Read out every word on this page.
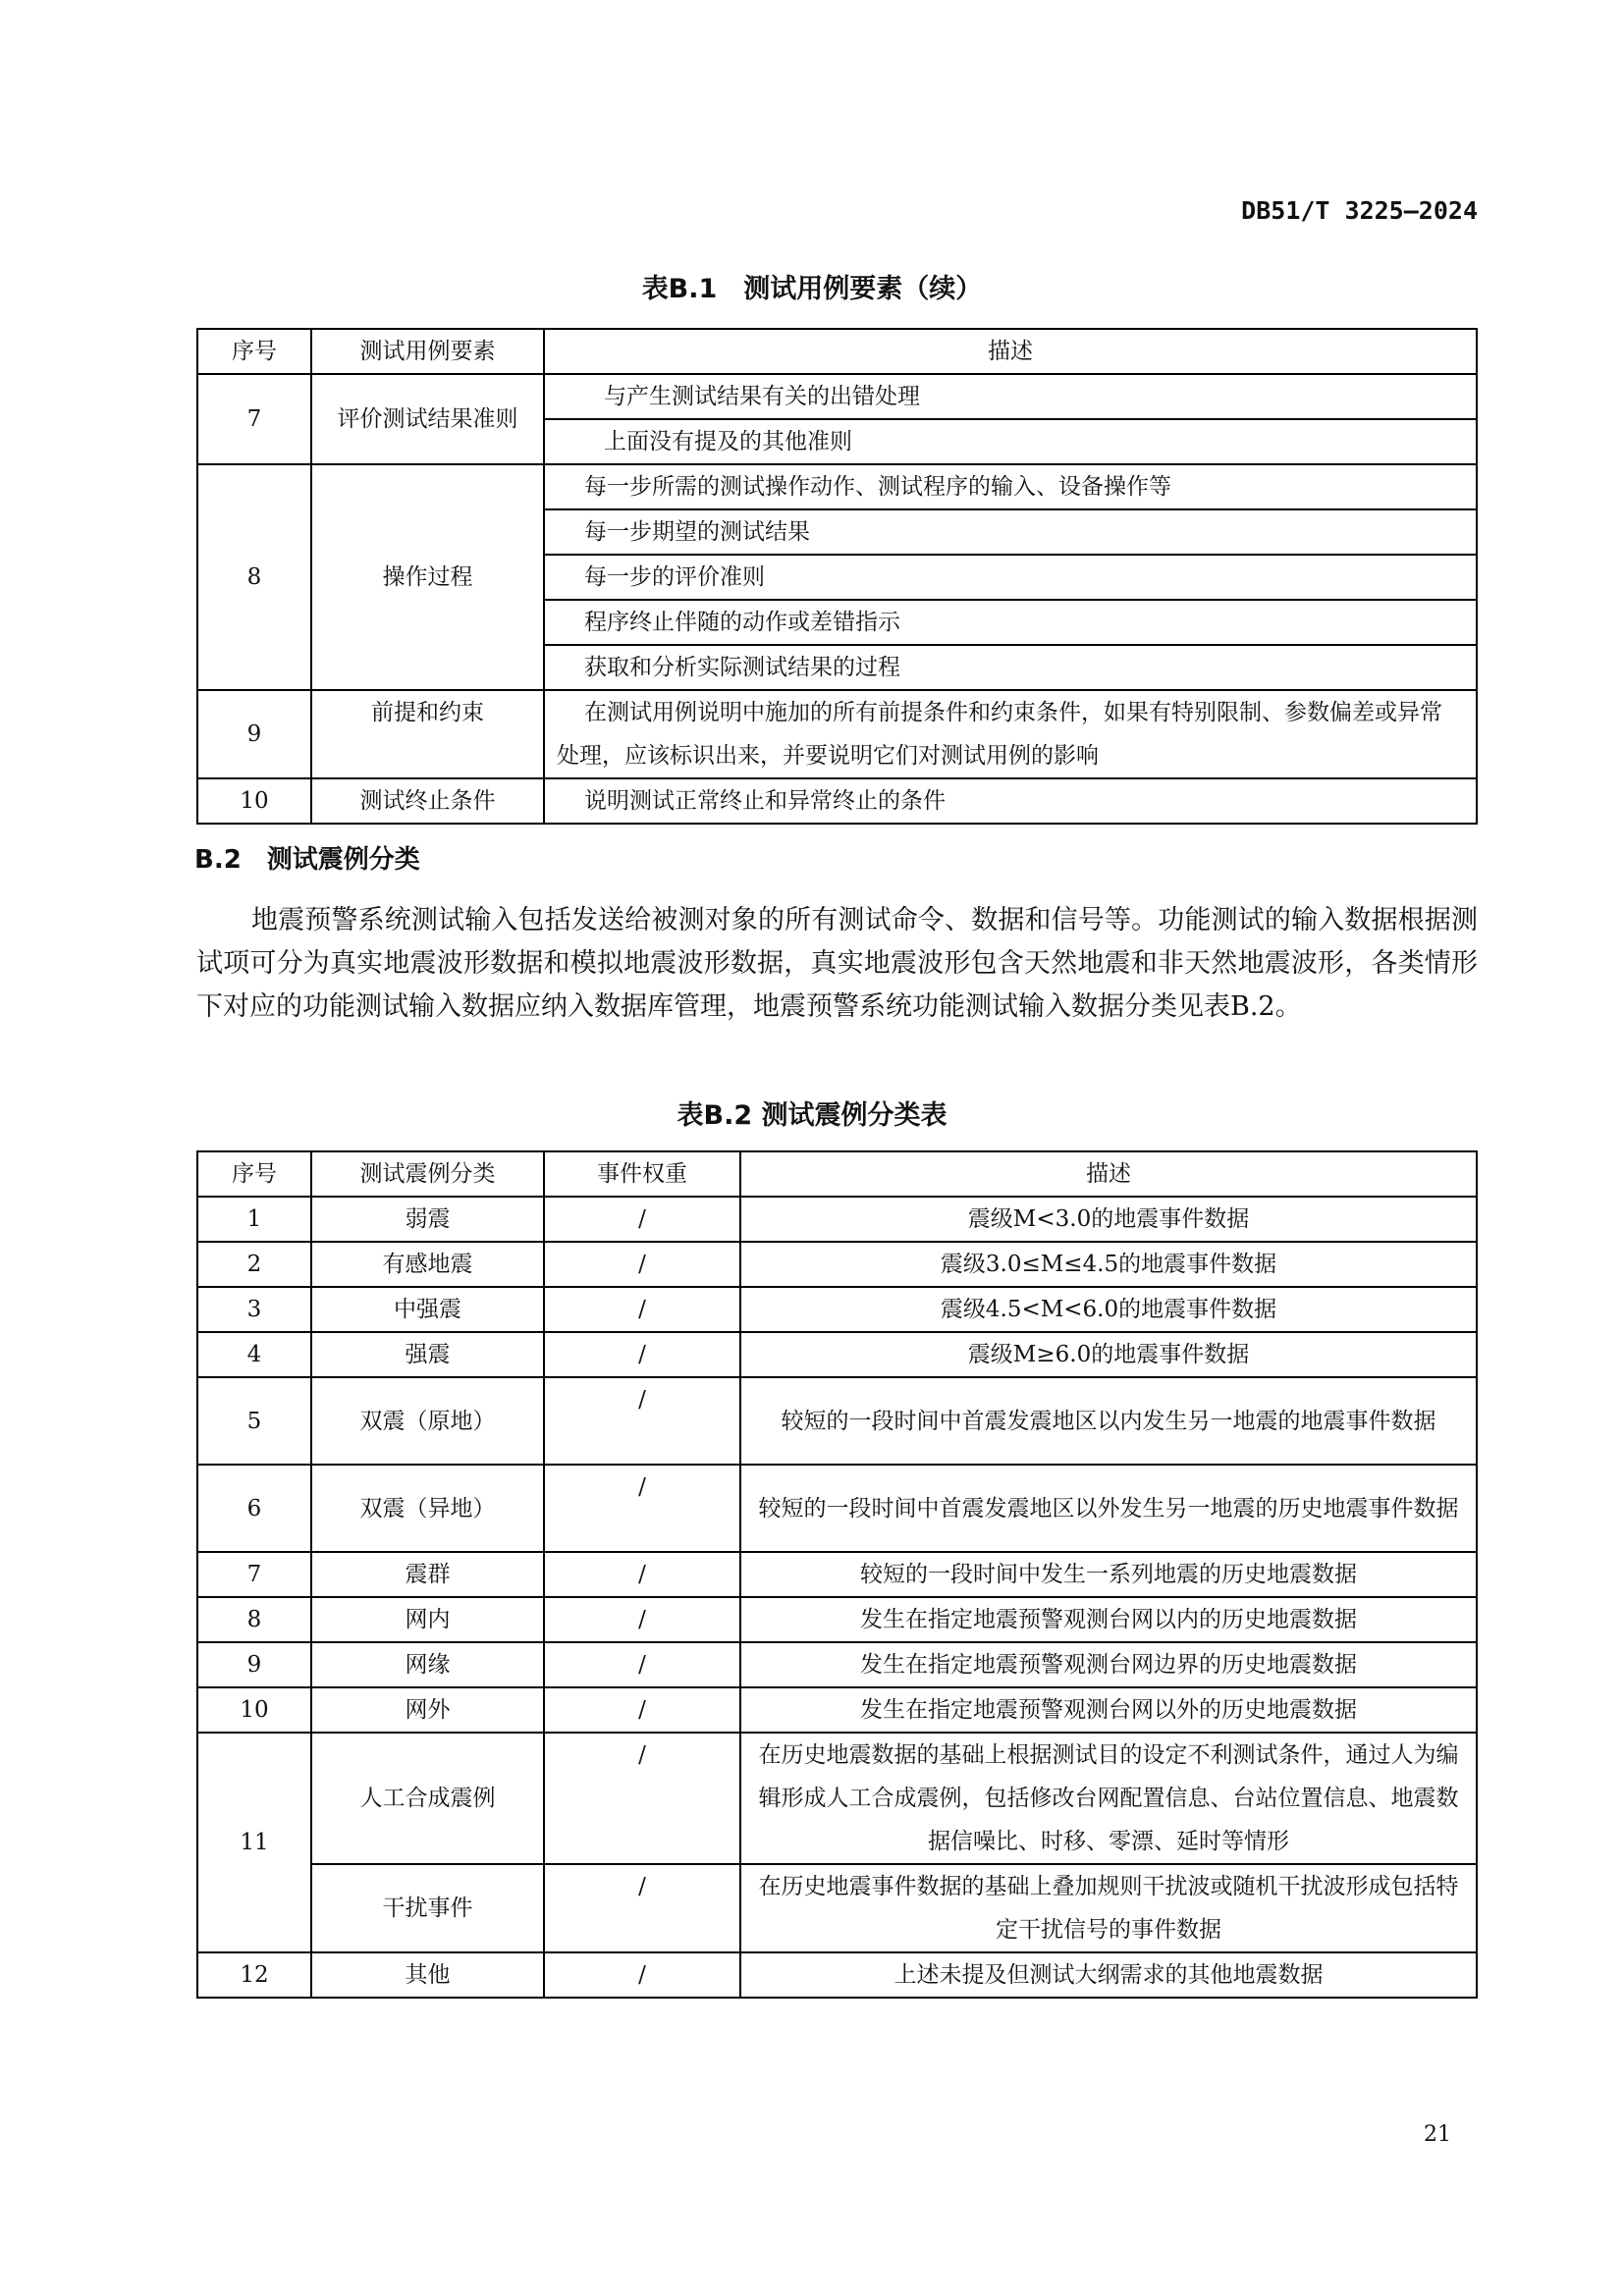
DB51/T 3225—2024
表B.1　测试用例要素（续）
序号	测试用例要素	描述
7	评价测试结果准则	与产生测试结果有关的出错处理
		上面没有提及的其他准则
8	操作过程	每一步所需的测试操作动作、测试程序的输入、设备操作等
		每一步期望的测试结果
		每一步的评价准则
		程序终止伴随的动作或差错指示
		获取和分析实际测试结果的过程
9	前提和约束	在测试用例说明中施加的所有前提条件和约束条件，如果有特别限制、参数偏差或异常处理，应该标识出来，并要说明它们对测试用例的影响
10	测试终止条件	说明测试正常终止和异常终止的条件
B.2　测试震例分类
地震预警系统测试输入包括发送给被测对象的所有测试命令、数据和信号等。功能测试的输入数据根据测试项可分为真实地震波形数据和模拟地震波形数据，真实地震波形包含天然地震和非天然地震波形，各类情形下对应的功能测试输入数据应纳入数据库管理，地震预警系统功能测试输入数据分类见表B.2。
表B.2 测试震例分类表
序号	测试震例分类	事件权重	描述
1	弱震	/	震级M<3.0的地震事件数据
2	有感地震	/	震级3.0≤M≤4.5的地震事件数据
3	中强震	/	震级4.5<M<6.0的地震事件数据
4	强震	/	震级M≥6.0的地震事件数据
5	双震（原地）	/	较短的一段时间中首震发震地区以内发生另一地震的地震事件数据
6	双震（异地）	/	较短的一段时间中首震发震地区以外发生另一地震的历史地震事件数据
7	震群	/	较短的一段时间中发生一系列地震的历史地震数据
8	网内	/	发生在指定地震预警观测台网以内的历史地震数据
9	网缘	/	发生在指定地震预警观测台网边界的历史地震数据
10	网外	/	发生在指定地震预警观测台网以外的历史地震数据
11	人工合成震例	/	在历史地震数据的基础上根据测试目的设定不利测试条件，通过人为编辑形成人工合成震例，包括修改台网配置信息、台站位置信息、地震数据信噪比、时移、零漂、延时等情形
	干扰事件	/	在历史地震事件数据的基础上叠加规则干扰波或随机干扰波形成包括特定干扰信号的事件数据
12	其他	/	上述未提及但测试大纲需求的其他地震数据
21
